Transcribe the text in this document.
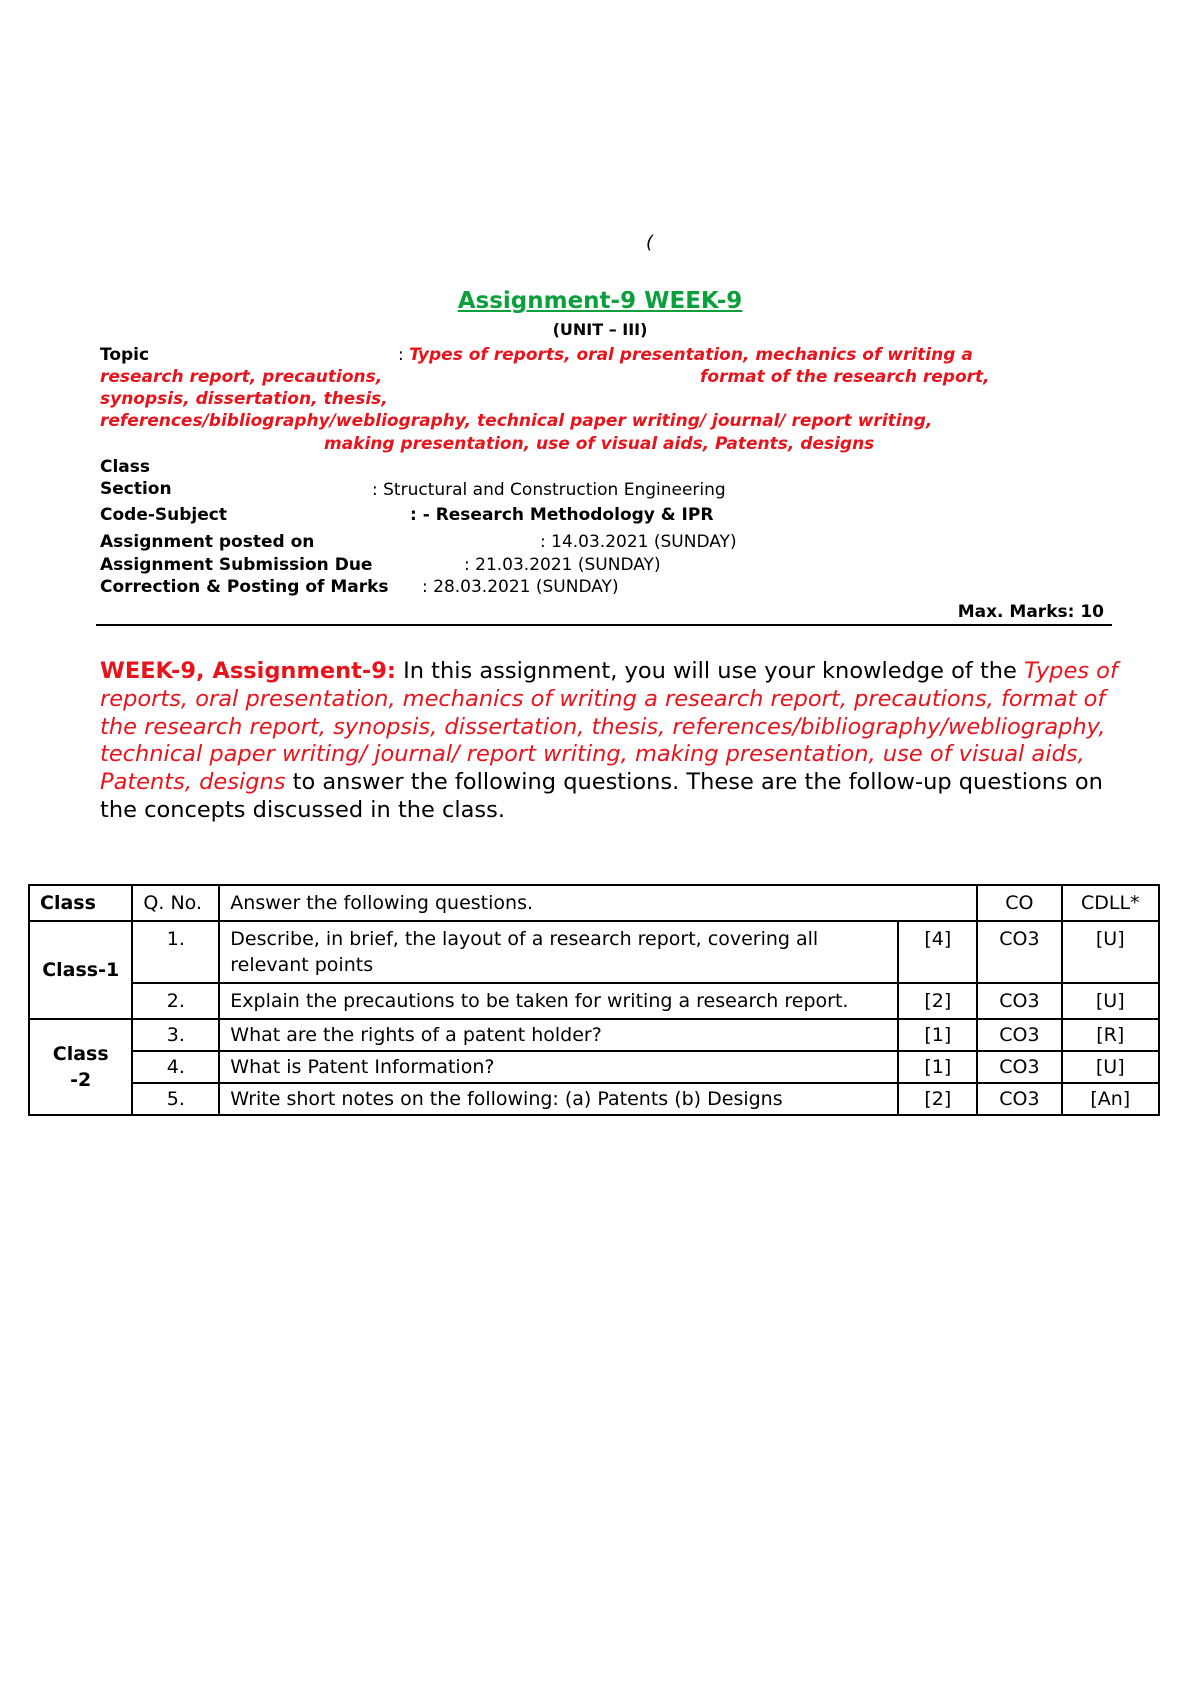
(
Assignment-9 WEEK-9
(UNIT – III)
Topic	: Types of reports, oral presentation, mechanics of writing a
research report, precautions,	format of the research report,
synopsis, dissertation, thesis,
references/bibliography/webliography, technical paper writing/ journal/ report writing,
making presentation, use of visual aids, Patents, designs
Class
Section	: Structural and Construction Engineering
Code-Subject	: - Research Methodology & IPR
Assignment posted on	: 14.03.2021 (SUNDAY)
Assignment Submission Due	: 21.03.2021 (SUNDAY)
Correction & Posting of Marks : 28.03.2021 (SUNDAY)
Max. Marks: 10
WEEK-9, Assignment-9: In this assignment, you will use your knowledge of the Types of reports, oral presentation, mechanics of writing a research report, precautions, format of the research report, synopsis, dissertation, thesis, references/bibliography/webliography, technical paper writing/ journal/ report writing, making presentation, use of visual aids, Patents, designs to answer the following questions. These are the follow-up questions on the concepts discussed in the class.
Class	Q. No.	Answer the following questions.		CO	CDLL*
Class-1	1.	Describe, in brief, the layout of a research report, covering all relevant points	[4]	CO3	[U]
	2.	Explain the precautions to be taken for writing a research report.	[2]	CO3	[U]
Class -2	3.	What are the rights of a patent holder?	[1]	CO3	[R]
	4.	What is Patent Information?	[1]	CO3	[U]
	5.	Write short notes on the following: (a) Patents (b) Designs	[2]	CO3	[An]
